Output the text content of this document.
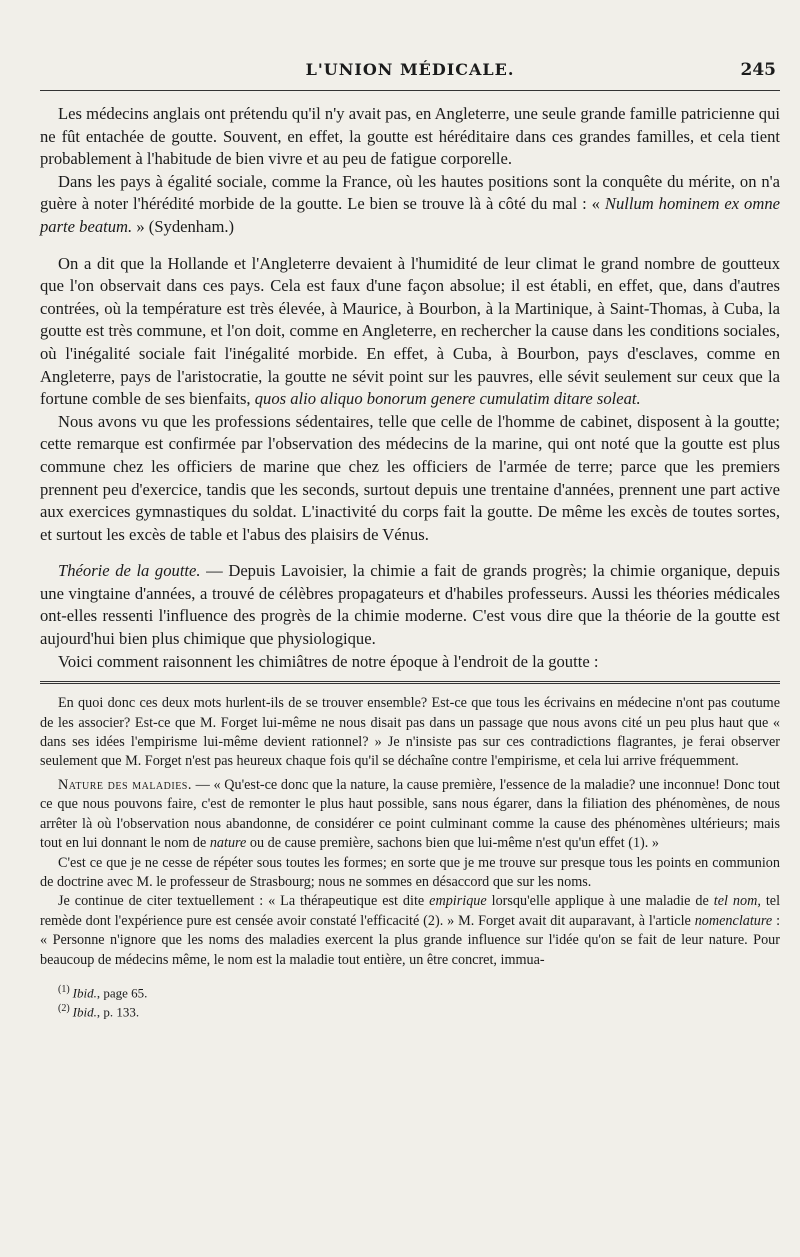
L'UNION MÉDICALE.	245

Les médecins anglais ont prétendu qu'il n'y avait pas, en Angleterre, une seule grande famille patricienne qui ne fût entachée de goutte. Souvent, en effet, la goutte est héréditaire dans ces grandes familles, et cela tient probablement à l'habitude de bien vivre et au peu de fatigue corporelle.

Dans les pays à égalité sociale, comme la France, où les hautes positions sont la conquête du mérite, on n'a guère à noter l'hérédité morbide de la goutte. Le bien se trouve là à côté du mal : « Nullum hominem ex omne parte beatum. » (Sydenham.)

On a dit que la Hollande et l'Angleterre devaient à l'humidité de leur climat le grand nombre de goutteux que l'on observait dans ces pays. Cela est faux d'une façon absolue; il est établi, en effet, que, dans d'autres contrées, où la température est très élevée, à Maurice, à Bourbon, à la Martinique, à Saint-Thomas, à Cuba, la goutte est très commune, et l'on doit, comme en Angleterre, en rechercher la cause dans les conditions sociales, où l'inégalité sociale fait l'inégalité morbide. En effet, à Cuba, à Bourbon, pays d'esclaves, comme en Angleterre, pays de l'aristocratie, la goutte ne sévit point sur les pauvres, elle sévit seulement sur ceux que la fortune comble de ses bienfaits, quos alio aliquo bonorum genere cumulatim ditare soleat.

Nous avons vu que les professions sédentaires, telle que celle de l'homme de cabinet, disposent à la goutte; cette remarque est confirmée par l'observation des médecins de la marine, qui ont noté que la goutte est plus commune chez les officiers de marine que chez les officiers de l'armée de terre; parce que les premiers prennent peu d'exercice, tandis que les seconds, surtout depuis une trentaine d'années, prennent une part active aux exercices gymnastiques du soldat. L'inactivité du corps fait la goutte. De même les excès de toutes sortes, et surtout les excès de table et l'abus des plaisirs de Vénus.

Théorie de la goutte. — Depuis Lavoisier, la chimie a fait de grands progrès; la chimie organique, depuis une vingtaine d'années, a trouvé de célèbres propagateurs et d'habiles professeurs. Aussi les théories médicales ont-elles ressenti l'influence des progrès de la chimie moderne. C'est vous dire que la théorie de la goutte est aujourd'hui bien plus chimique que physiologique.

Voici comment raisonnent les chimiâtres de notre époque à l'endroit de la goutte :

En quoi donc ces deux mots hurlent-ils de se trouver ensemble? Est-ce que tous les écrivains en médecine n'ont pas coutume de les associer? Est-ce que M. Forget lui-même ne nous disait pas dans un passage que nous avons cité un peu plus haut que « dans ses idées l'empirisme lui-même devient rationnel? » Je n'insiste pas sur ces contradictions flagrantes, je ferai observer seulement que M. Forget n'est pas heureux chaque fois qu'il se déchaîne contre l'empirisme, et cela lui arrive fréquemment.

Nature des maladies. — « Qu'est-ce donc que la nature, la cause première, l'essence de la maladie? une inconnue! Donc tout ce que nous pouvons faire, c'est de remonter le plus haut possible, sans nous égarer, dans la filiation des phénomènes, de nous arrêter là où l'observation nous abandonne, de considérer ce point culminant comme la cause des phénomènes ultérieurs; mais tout en lui donnant le nom de nature ou de cause première, sachons bien que lui-même n'est qu'un effet (1). »

C'est ce que je ne cesse de répéter sous toutes les formes; en sorte que je me trouve sur presque tous les points en communion de doctrine avec M. le professeur de Strasbourg; nous ne sommes en désaccord que sur les noms.

Je continue de citer textuellement : « La thérapeutique est dite empirique lorsqu'elle applique à une maladie de tel nom, tel remède dont l'expérience pure est censée avoir constaté l'efficacité (2). » M. Forget avait dit auparavant, à l'article nomenclature : « Personne n'ignore que les noms des maladies exercent la plus grande influence sur l'idée qu'on se fait de leur nature. Pour beaucoup de médecins même, le nom est la maladie tout entière, un être concret, immua-

$^{(1)}$ Ibid., page 65.
$^{(2)}$ Ibid., p. 133.
